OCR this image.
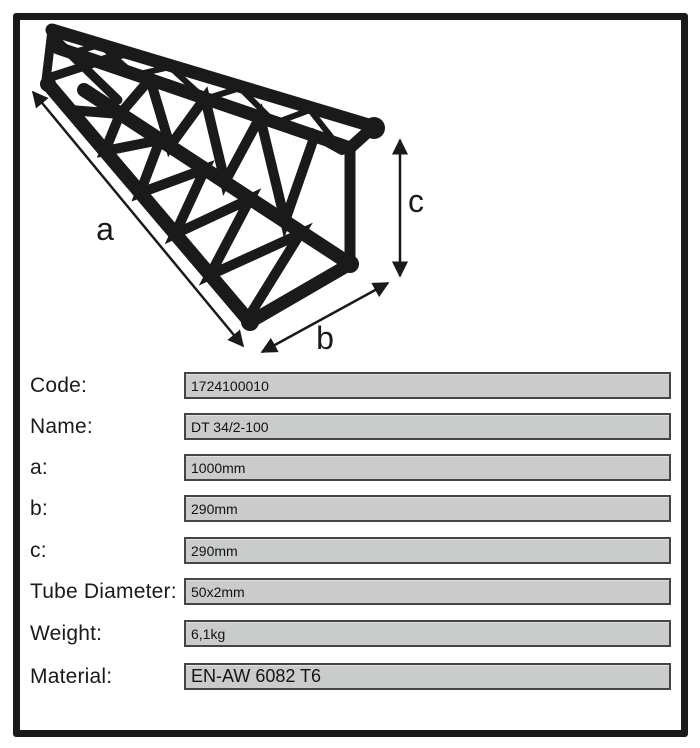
a
b
c
Code:	1724100010
Name:	DT 34/2-100
a:	1000mm
b:	290mm
c:	290mm
Tube Diameter: 50x2mm
Weight:	6,1kg
Material:	EN-AW 6082 T6
